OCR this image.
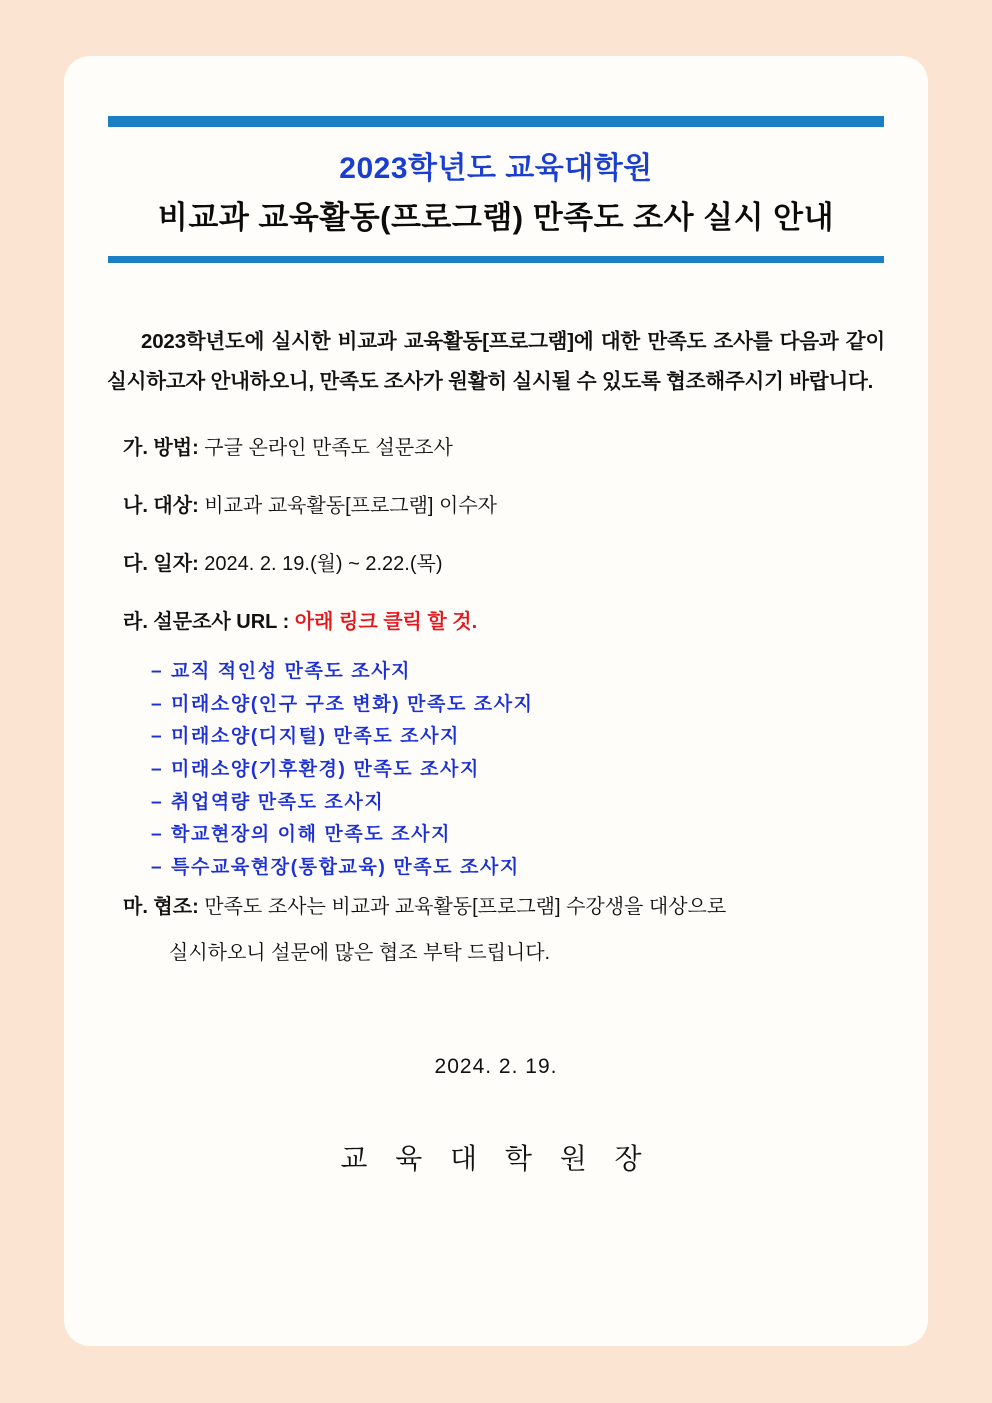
2023학년도 교육대학원
비교과 교육활동(프로그램) 만족도 조사 실시 안내

2023학년도에 실시한 비교과 교육활동[프로그램]에 대한 만족도 조사를 다음과 같이 실시하고자 안내하오니, 만족도 조사가 원활히 실시될 수 있도록 협조해주시기 바랍니다.

가. 방법: 구글 온라인 만족도 설문조사
나. 대상: 비교과 교육활동[프로그램] 이수자
다. 일자: 2024. 2. 19.(월) ~ 2.22.(목)
라. 설문조사 URL : 아래 링크 클릭 할 것.
– 교직 적인성 만족도 조사지
– 미래소양(인구 구조 변화) 만족도 조사지
– 미래소양(디지털) 만족도 조사지
– 미래소양(기후환경) 만족도 조사지
– 취업역량 만족도 조사지
– 학교현장의 이해 만족도 조사지
– 특수교육현장(통합교육) 만족도 조사지
마. 협조: 만족도 조사는 비교과 교육활동[프로그램] 수강생을 대상으로
실시하오니 설문에 많은 협조 부탁 드립니다.
2024. 2. 19.
교 육 대 학 원 장
